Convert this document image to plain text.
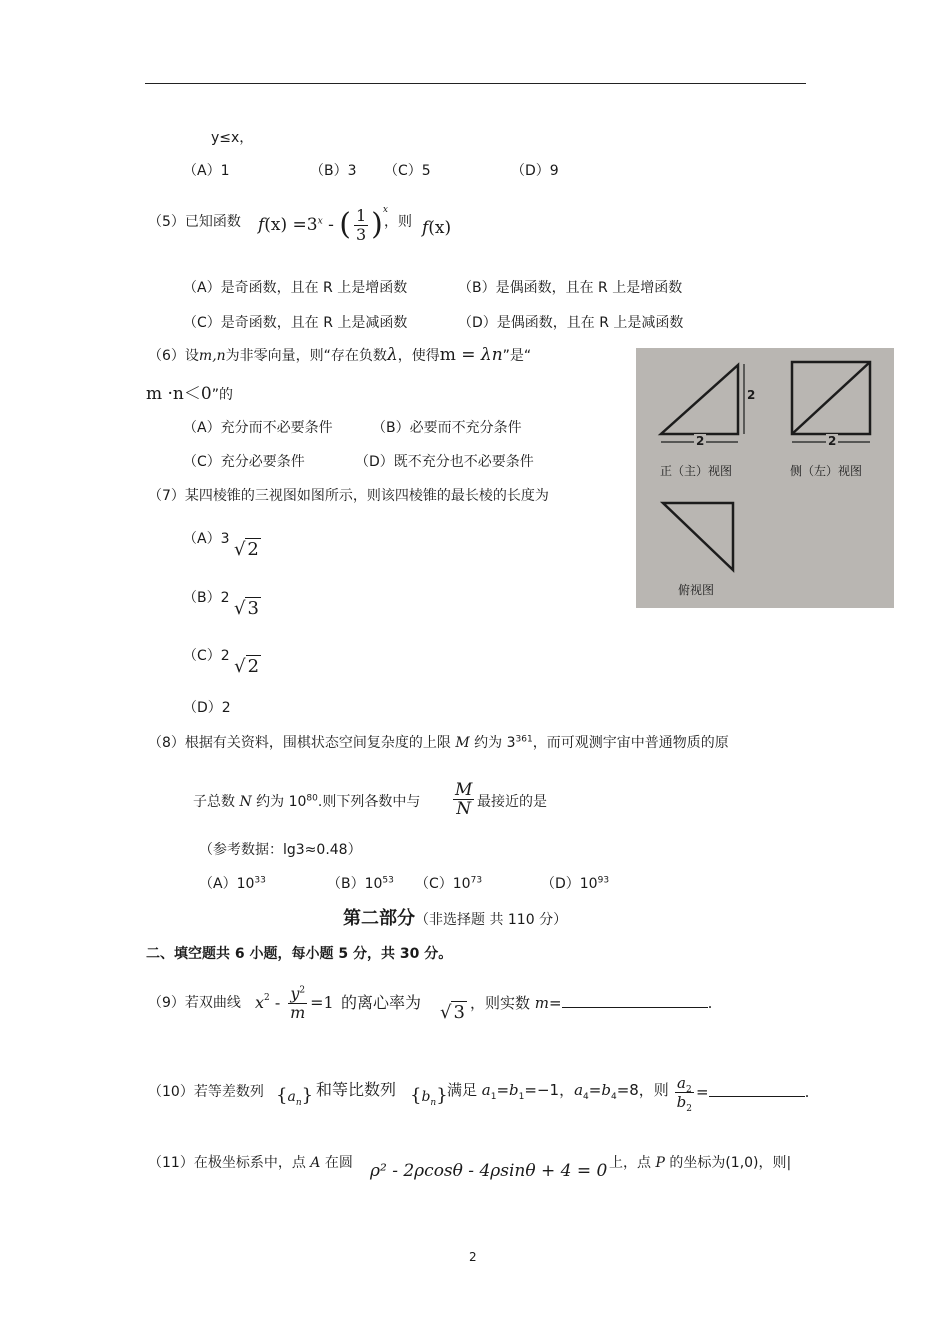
y≤x，
（A）1	（B）3 （C）5	（D）9
（5）已知函数 $f(x) =3^x$ - ( $\frac{1}{3} )^x$
，则 f(x)
（A）是奇函数，且在 R 上是增函数	（B）是偶函数，且在 R 上是增函数
（C）是奇函数，且在 R 上是减函数	（D）是偶函数，且在 R 上是减函数
（6）设m,n为非零向量，则“存在负数λ，使得m = λn”是“
m ·n＜0”的
（A）充分而不必要条件	（B）必要而不充分条件
（C）充分必要条件	（D）既不充分也不必要条件
（7）某四棱锥的三视图如图所示，则该四棱锥的最长棱的长度为
（A）3 √ 2
（B）2 √ 3
（C）2 √ 2
（D）2
2
2	2
正（主）视图	侧（左）视图
俯视图
（8）根据有关资料，围棋状态空间复杂度的上限 M 约为 $3^{361}$，而可观测宇宙中普通物质的原
子总数 N 约为 $10^{80}$.则下列各数中与 $\frac{M}{N}$ 最接近的是
（参考数据：lg3≈0.48）
$(A)10^{33}$	$(B)10^{53}$ $(C)10^{73}$	$(D)10^{93}$
第二部分（非选择题 共 110 分）
二、填空题共 6 小题，每小题 5 分，共 30 分。
（9）若双曲线 $x2 - \frac{y^2}{m} =1$ 的离心率为 √ 3 ，则实数 m=	.
（10）若等差数列 $\{a_n\}$ 和等比数列 $\{b_n\}$ 满足 $a_1=b_1=-1$，$a_4=b_4=8$，则 $\frac{a_2}{b_2}$ =	.
（11）在极坐标系中，点 A 在圆 ρ² - 2ρcosθ - 4ρsinθ + 4 = 0 上，点 P 的坐标为(1,0)，则|
2
